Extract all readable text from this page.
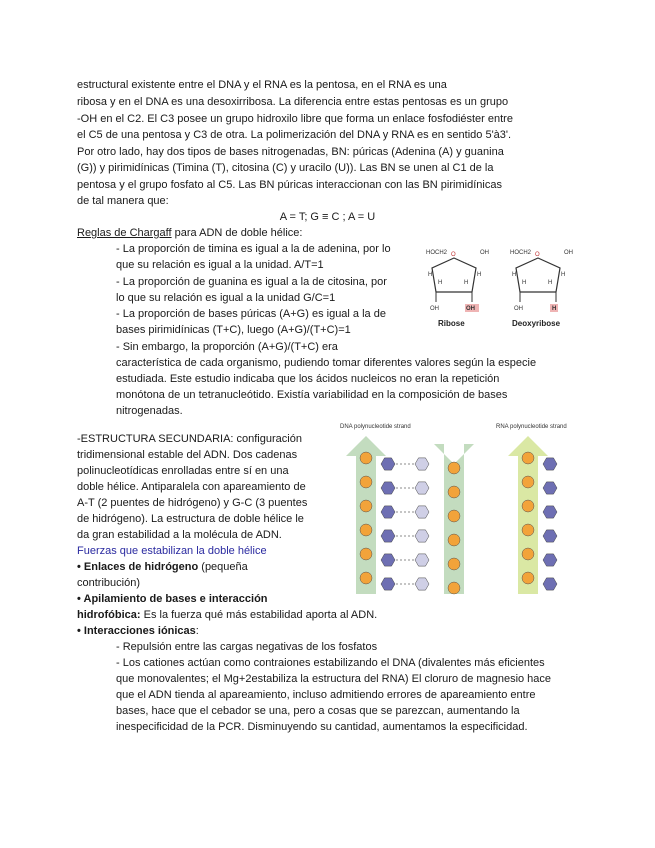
estructural existente entre el DNA y el RNA es la pentosa, en el RNA es una
ribosa y en el DNA es una desoxirribosa. La diferencia entre estas pentosas es un grupo
-OH en el C2. El C3 posee un grupo hidroxilo libre que forma un enlace fosfodiéster entre
el C5 de una pentosa y C3 de otra. La polimerización del DNA y RNA es en sentido 5'à3'.
Por otro lado, hay dos tipos de bases nitrogenadas, BN: púricas (Adenina (A) y guanina
(G)) y pirimidínicas (Timina (T), citosina (C) y uracilo (U)). Las BN se unen al C1 de la
pentosa y el grupo fosfato al C5. Las BN púricas interaccionan con las BN pirimidínicas
de tal manera que:
A = T; G ≡ C ; A = U
Reglas de Chargaff para ADN de doble hélice:
- La proporción de timina es igual a la de adenina, por lo
que su relación es igual a la unidad. A/T=1
- La proporción de guanina es igual a la de citosina, por
lo que su relación es igual a la unidad G/C=1
- La proporción de bases púricas (A+G) es igual a la de
bases pirimidínicas (T+C), luego (A+G)/(T+C)=1
- Sin embargo, la proporción (A+G)/(T+C) era
característica de cada organismo, pudiendo tomar diferentes valores según la especie
estudiada. Este estudio indicaba que los ácidos nucleicos no eran la repetición
monótona de un tetranucleótido. Existía variabilidad en la composición de bases
nitrogenadas.
HOCH2	OH
O
H	H
H	H
OH	OH
Ribose
HOCH2	OH
O
H	H
H	H
OH	H
Deoxyribose
-ESTRUCTURA SECUNDARIA: configuración
tridimensional estable del ADN. Dos cadenas
polinucleotídicas enrolladas entre sí en una
doble hélice. Antiparalela con apareamiento de
A-T (2 puentes de hidrógeno) y G-C (3 puentes
de hidrógeno). La estructura de doble hélice le
da gran estabilidad a la molécula de ADN.
Fuerzas que estabilizan la doble hélice
• Enlaces de hidrógeno (pequeña
contribución)
• Apilamiento de bases e interacción
hidrofóbica: Es la fuerza qué más estabilidad aporta al ADN.
• Interacciones iónicas:
- Repulsión entre las cargas negativas de los fosfatos
- Los cationes actúan como contraiones estabilizando el DNA (divalentes más eficientes
que monovalentes; el Mg+2estabiliza la estructura del RNA) El cloruro de magnesio hace
que el ADN tienda al apareamiento, incluso admitiendo errores de apareamiento entre
bases, hace que el cebador se una, pero a cosas que se parezcan, aumentando la
inespecificidad de la PCR. Disminuyendo su cantidad, aumentamos la especificidad.
DNA polynucleotide strand	RNA polynucleotide strand
